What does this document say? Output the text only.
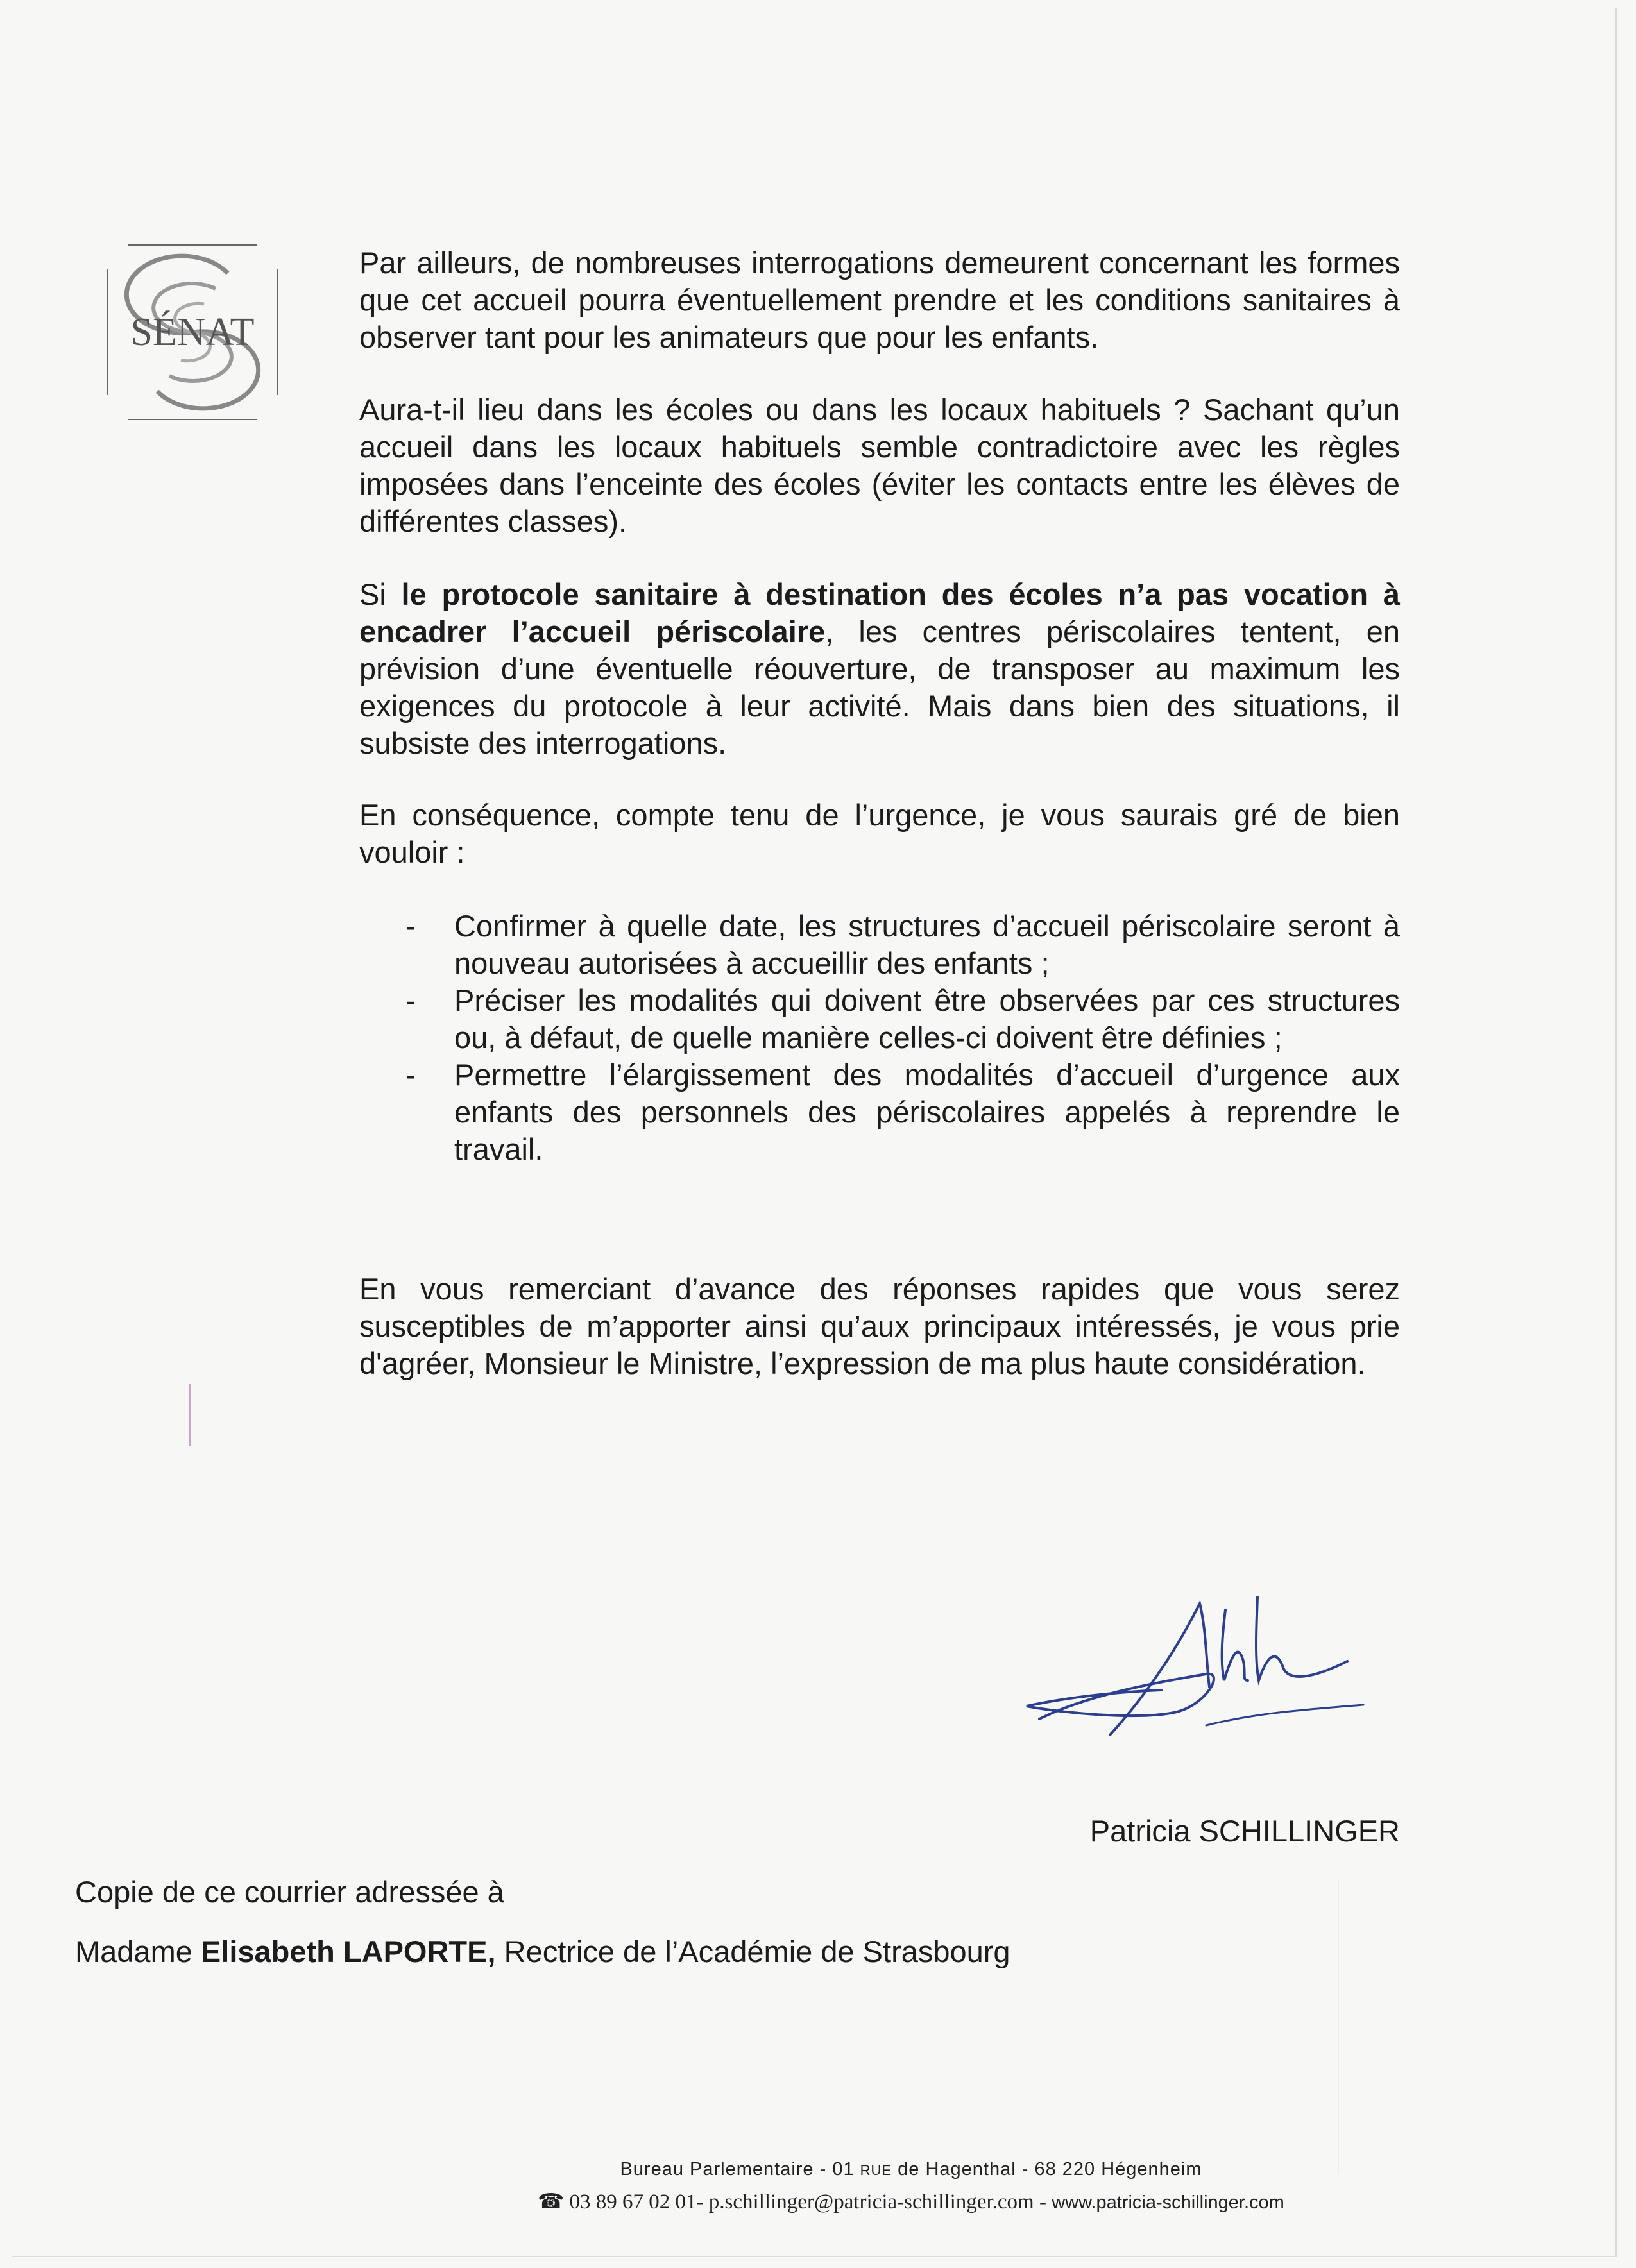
SÉNAT
Par ailleurs, de nombreuses interrogations demeurent concernant les formes que cet accueil pourra éventuellement prendre et les conditions sanitaires à observer tant pour les animateurs que pour les enfants.
Aura-t-il lieu dans les écoles ou dans les locaux habituels ? Sachant qu’un accueil dans les locaux habituels semble contradictoire avec les règles imposées dans l’enceinte des écoles (éviter les contacts entre les élèves de différentes classes).
Si le protocole sanitaire à destination des écoles n’a pas vocation à encadrer l’accueil périscolaire, les centres périscolaires tentent, en prévision d’une éventuelle réouverture, de transposer au maximum les exigences du protocole à leur activité. Mais dans bien des situations, il subsiste des interrogations.
En conséquence, compte tenu de l’urgence, je vous saurais gré de bien vouloir :
- Confirmer à quelle date, les structures d’accueil périscolaire seront à nouveau autorisées à accueillir des enfants ;
- Préciser les modalités qui doivent être observées par ces structures ou, à défaut, de quelle manière celles-ci doivent être définies ;
- Permettre l’élargissement des modalités d’accueil d’urgence aux enfants des personnels des périscolaires appelés à reprendre le travail.
En vous remerciant d’avance des réponses rapides que vous serez susceptibles de m’apporter ainsi qu’aux principaux intéressés, je vous prie d'agréer, Monsieur le Ministre, l’expression de ma plus haute considération.
Patricia SCHILLINGER
Copie de ce courrier adressée à
Madame Elisabeth LAPORTE, Rectrice de l’Académie de Strasbourg
Bureau Parlementaire - 01 RUE de Hagenthal - 68 220 Hégenheim
☎ 03 89 67 02 01- p.schillinger@patricia-schillinger.com - www.patricia-schillinger.com
